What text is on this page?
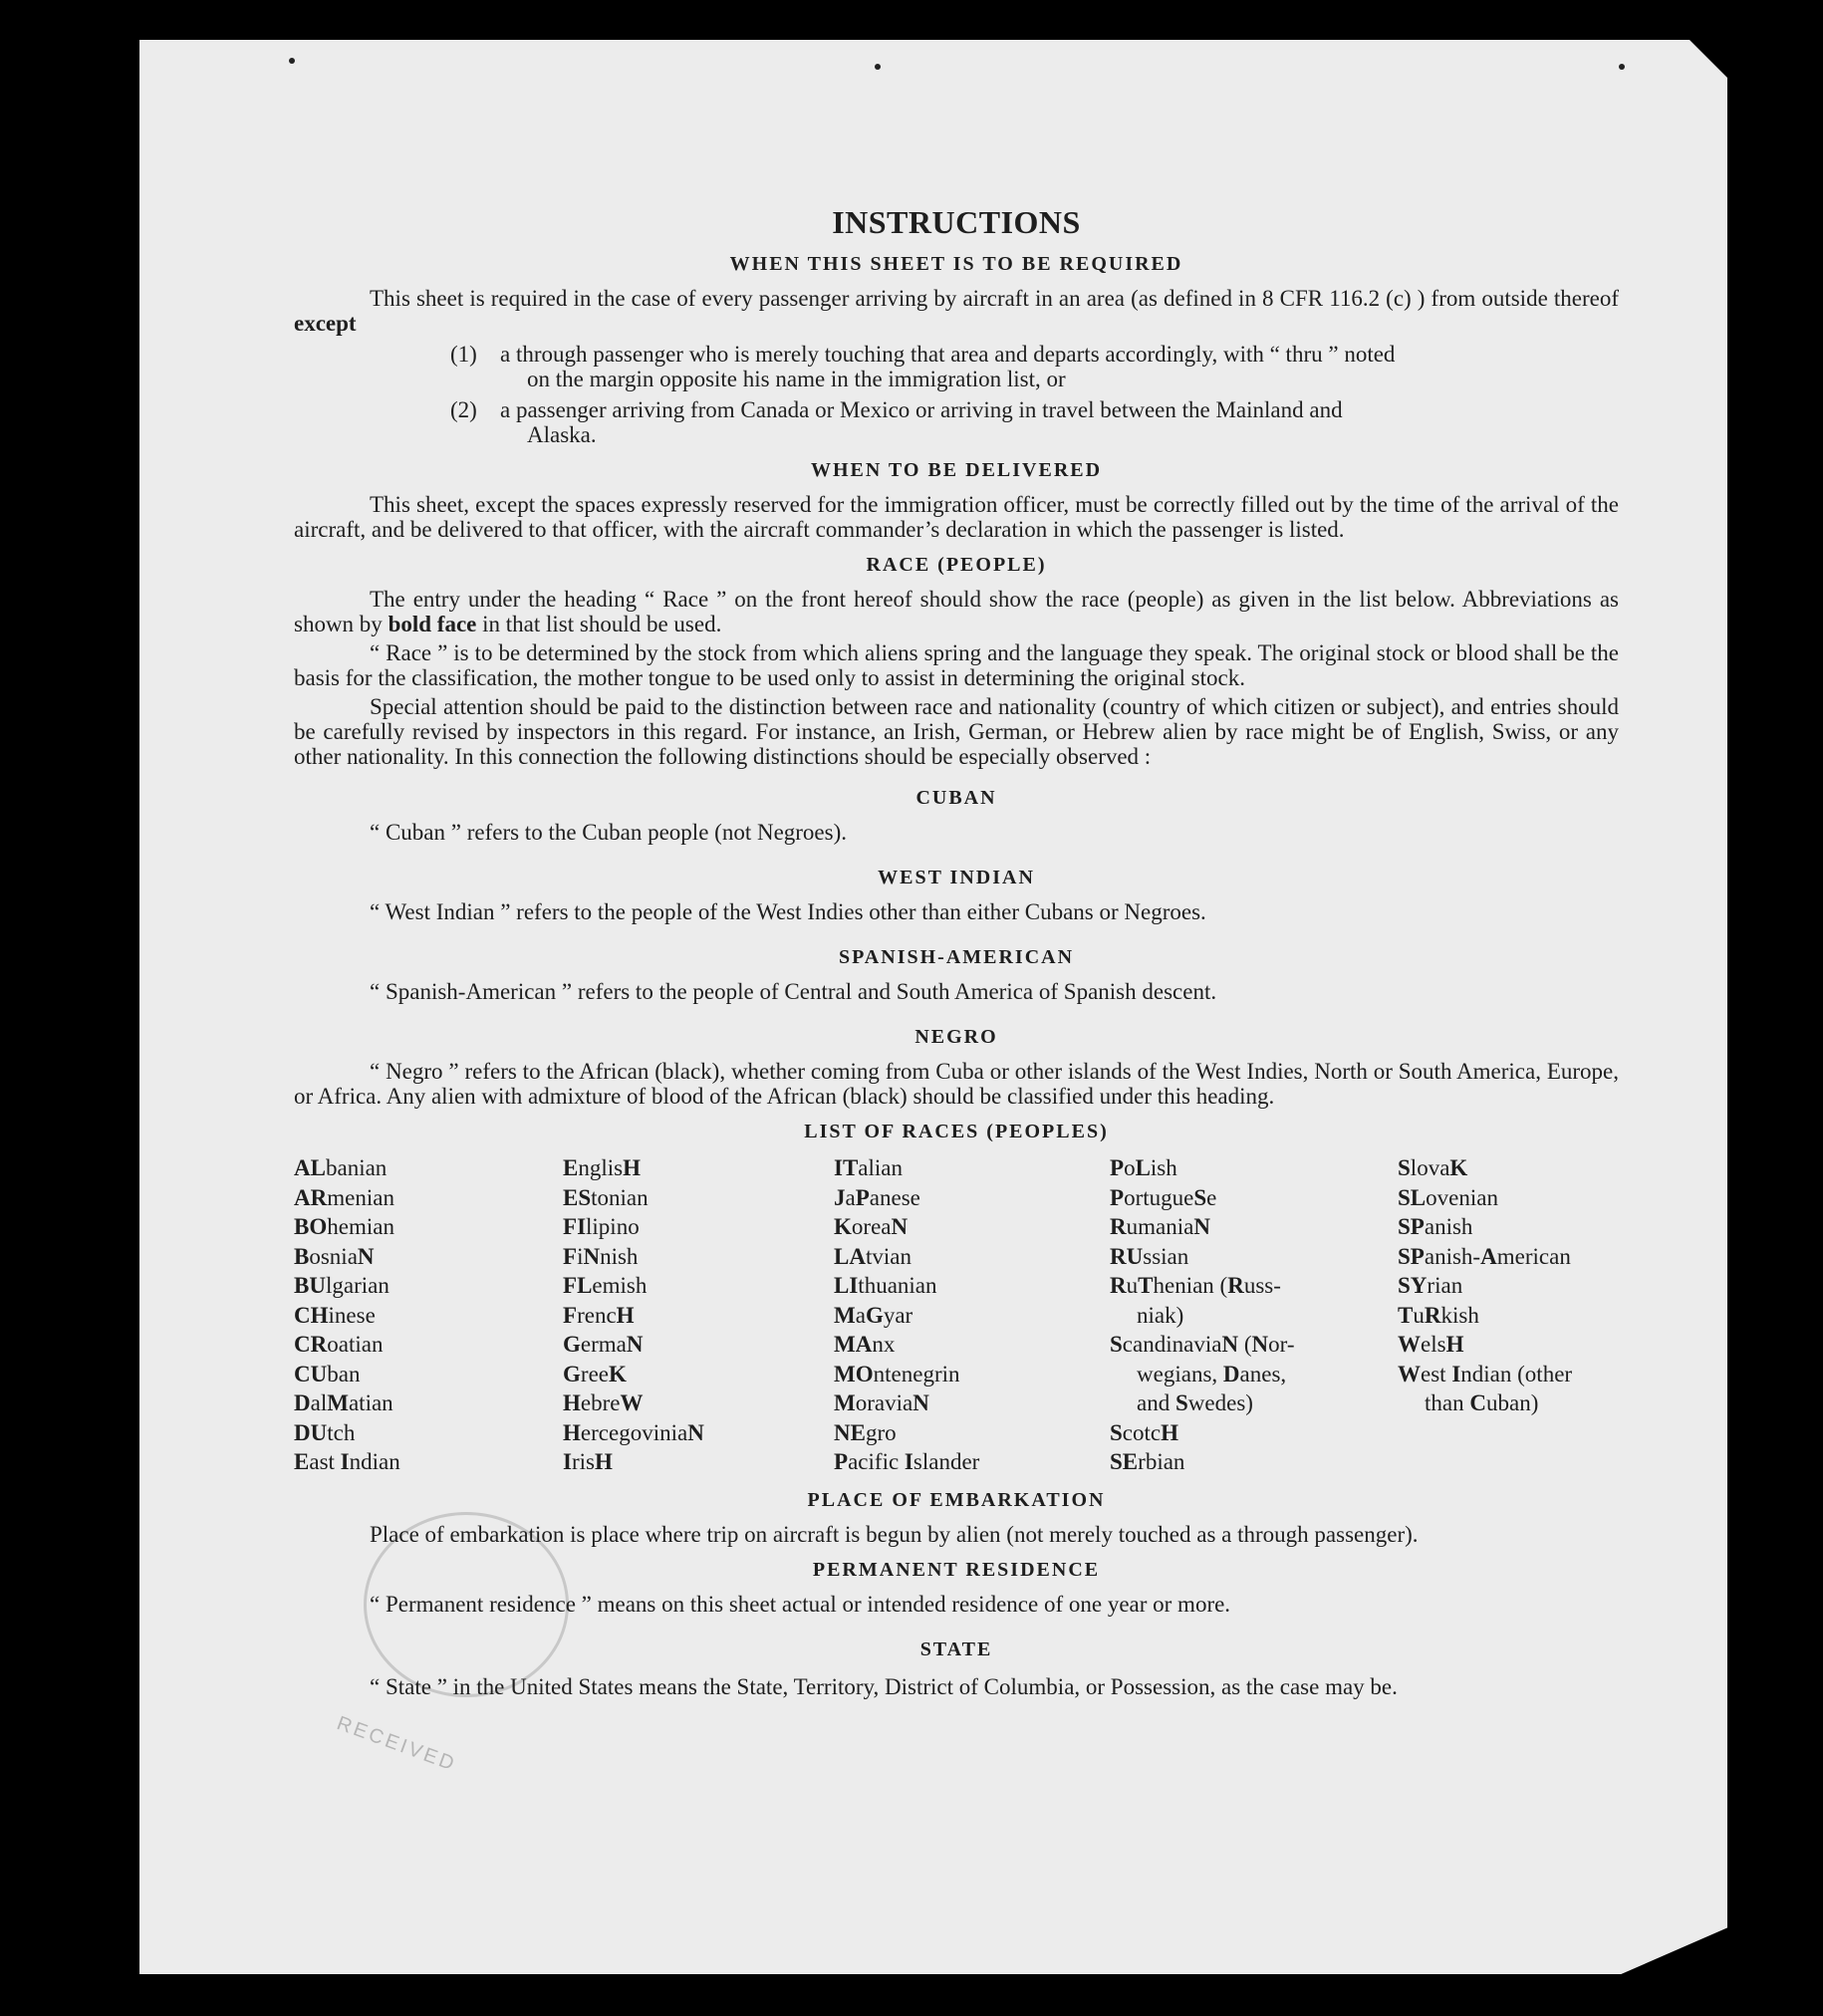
RECEIVED
INSTRUCTIONS
WHEN THIS SHEET IS TO BE REQUIRED

This sheet is required in the case of every passenger arriving by aircraft in an area (as defined in 8 CFR 116.2 (c) ) from outside thereof except

(1)	a through passenger who is merely touching that area and departs accordingly, with “ thru ” noted
on the margin opposite his name in the immigration list, or
(2)	a passenger arriving from Canada or Mexico or arriving in travel between the Mainland and
Alaska.
WHEN TO BE DELIVERED

This sheet, except the spaces expressly reserved for the immigration officer, must be correctly filled out by the time of the arrival of the aircraft, and be delivered to that officer, with the aircraft commander’s declaration in which the passenger is listed.

RACE (PEOPLE)

The entry under the heading “ Race ” on the front hereof should show the race (people) as given in the list below. Abbreviations as shown by bold face in that list should be used.

“ Race ” is to be determined by the stock from which aliens spring and the language they speak. The original stock or blood shall be the basis for the classification, the mother tongue to be used only to assist in determining the original stock.

Special attention should be paid to the distinction between race and nationality (country of which citizen or subject), and entries should be carefully revised by inspectors in this regard. For instance, an Irish, German, or Hebrew alien by race might be of English, Swiss, or any other nationality. In this connection the following distinctions should be especially observed :

CUBAN

“ Cuban ” refers to the Cuban people (not Negroes).

WEST INDIAN

“ West Indian ” refers to the people of the West Indies other than either Cubans or Negroes.

SPANISH-AMERICAN

“ Spanish-American ” refers to the people of Central and South America of Spanish descent.

NEGRO

“ Negro ” refers to the African (black), whether coming from Cuba or other islands of the West Indies, North or South America, Europe, or Africa. Any alien with admixture of blood of the African (black) should be classified under this heading.

LIST OF RACES (PEOPLES)
ALbanian
ARmenian
BOhemian
BosniaN
BUlgarian
CHinese
CRoatian
CUban
DalMatian
DUtch
East Indian
EnglisH
EStonian
FIlipino
FiNnish
FLemish
FrencH
GermaN
GreeK
HebreW
HercegoviniaN
IrisH
ITalian
JaPanese
KoreaN
LAtvian
LIthuanian
MaGyar
MAnx
MOntenegrin
MoraviaN
NEgro
Pacific Islander
PoLish
PortugueSe
RumaniaN
RUssian
RuThenian (Russ-
niak)
ScandinaviaN (Nor-
wegians, Danes,
and Swedes)
ScotcH
SErbian
SlovaK
SLovenian
SPanish
SPanish-American
SYrian
TuRkish
WelsH
West Indian (other
than Cuban)
PLACE OF EMBARKATION

Place of embarkation is place where trip on aircraft is begun by alien (not merely touched as a through passenger).

PERMANENT RESIDENCE

“ Permanent residence ” means on this sheet actual or intended residence of one year or more.

STATE

“ State ” in the United States means the State, Territory, District of Columbia, or Possession, as the case may be.
